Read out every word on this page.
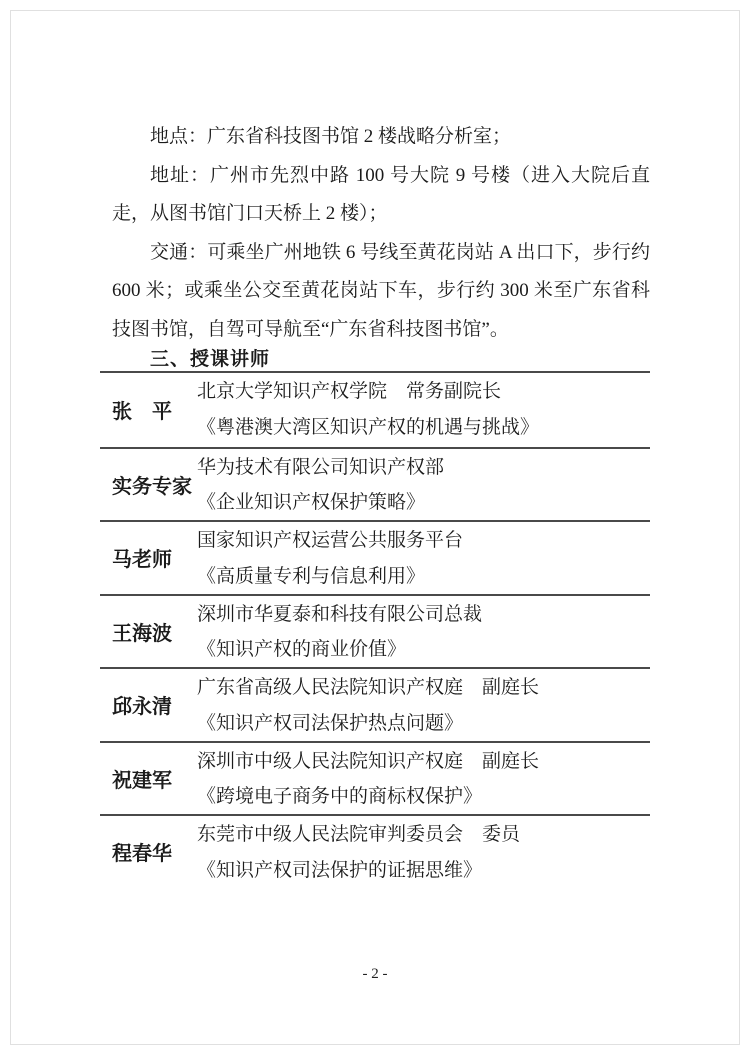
地点：广东省科技图书馆 2 楼战略分析室；

地址：广州市先烈中路 100 号大院 9 号楼（进入大院后直走，从图书馆门口天桥上 2 楼）；

交通：可乘坐广州地铁 6 号线至黄花岗站 A 出口下，步行约 600 米；或乘坐公交至黄花岗站下车，步行约 300 米至广东省科技图书馆，自驾可导航至“广东省科技图书馆”。

三、授课讲师
张　平
北京大学知识产权学院　常务副院长
《粤港澳大湾区知识产权的机遇与挑战》
实务专家
华为技术有限公司知识产权部
《企业知识产权保护策略》
马老师
国家知识产权运营公共服务平台
《高质量专利与信息利用》
王海波
深圳市华夏泰和科技有限公司总裁
《知识产权的商业价值》
邱永清
广东省高级人民法院知识产权庭　副庭长
《知识产权司法保护热点问题》
祝建军
深圳市中级人民法院知识产权庭　副庭长
《跨境电子商务中的商标权保护》
程春华
东莞市中级人民法院审判委员会　委员
《知识产权司法保护的证据思维》
- 2 -
